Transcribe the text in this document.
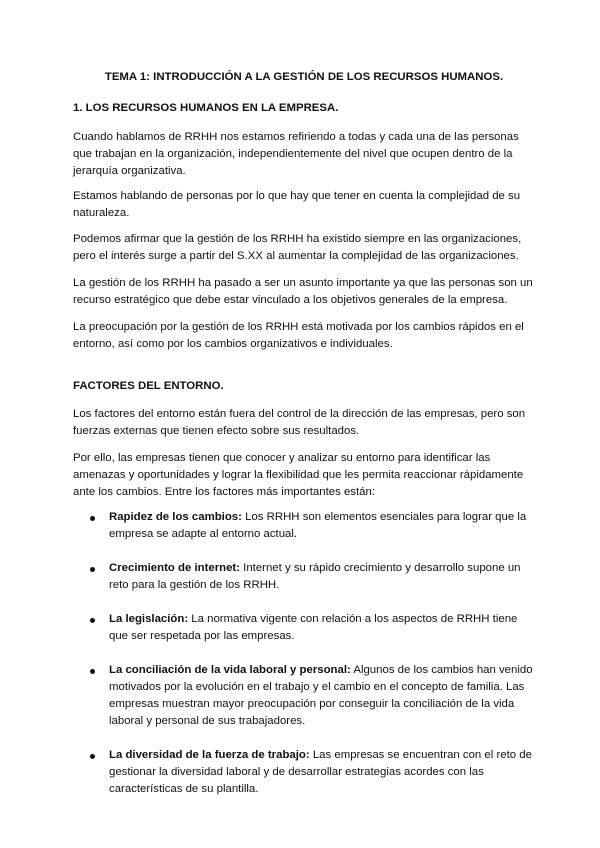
TEMA 1: INTRODUCCIÓN A LA GESTIÓN DE LOS RECURSOS HUMANOS.
1. LOS RECURSOS HUMANOS EN LA EMPRESA.

Cuando hablamos de RRHH nos estamos refiriendo a todas y cada una de las personas que trabajan en la organización, independientemente del nivel que ocupen dentro de la jerarquía organizativa.

Estamos hablando de personas por lo que hay que tener en cuenta la complejidad de su naturaleza.

Podemos afirmar que la gestión de los RRHH ha existido siempre en las organizaciones, pero el interés surge a partir del S.XX al aumentar la complejidad de las organizaciones.

La gestión de los RRHH ha pasado a ser un asunto importante ya que las personas son un recurso estratégico que debe estar vinculado a los objetivos generales de la empresa.

La preocupación por la gestión de los RRHH está motivada por los cambios rápidos en el entorno, así como por los cambios organizativos e individuales.

FACTORES DEL ENTORNO.

Los factores del entorno están fuera del control de la dirección de las empresas, pero son fuerzas externas que tienen efecto sobre sus resultados.

Por ello, las empresas tienen que conocer y analizar su entorno para identificar las amenazas y oportunidades y lograr la flexibilidad que les permita reaccionar rápidamente ante los cambios. Entre los factores más importantes están:

Rapidez de los cambios: Los RRHH son elementos esenciales para lograr que la empresa se adapte al entorno actual.
Crecimiento de internet: Internet y su rápido crecimiento y desarrollo supone un reto para la gestión de los RRHH.
La legislación: La normativa vigente con relación a los aspectos de RRHH tiene que ser respetada por las empresas.
La conciliación de la vida laboral y personal: Algunos de los cambios han venido motivados por la evolución en el trabajo y el cambio en el concepto de familia. Las empresas muestran mayor preocupación por conseguir la conciliación de la vida laboral y personal de sus trabajadores.
La diversidad de la fuerza de trabajo: Las empresas se encuentran con el reto de gestionar la diversidad laboral y de desarrollar estrategias acordes con las características de su plantilla.
